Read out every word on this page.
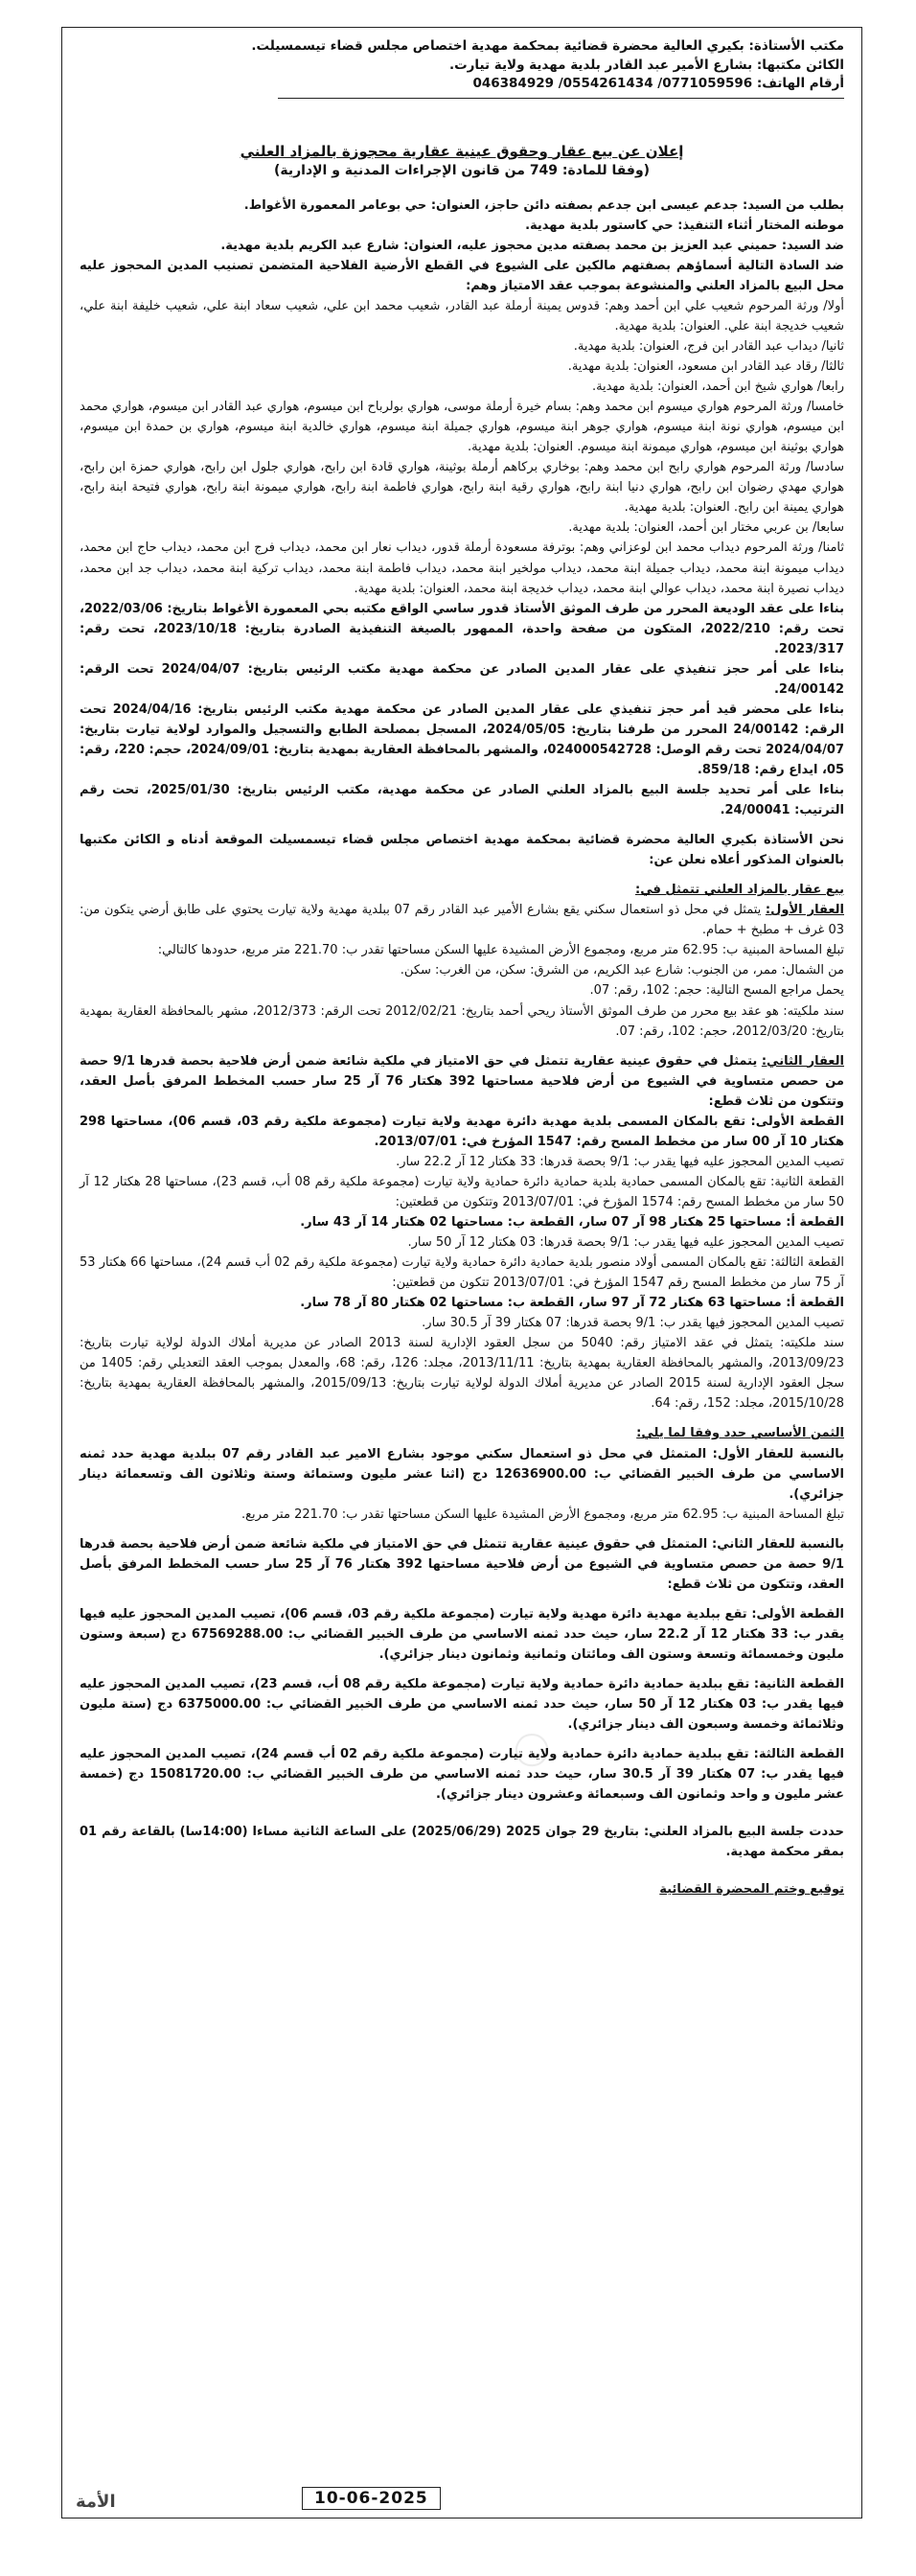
◯
مكتب الأستاذة: بكيري العالية محضرة قضائية بمحكمة مهدية اختصاص مجلس قضاء تيسمسيلت.
الكائن مكتبها: بشارع الأمير عبد القادر بلدية مهدية ولاية تيارت.
أرقام الهاتف: 0771059596/ 0554261434/ 046384929
إعلان عن بيع عقار وحقوق عينية عقارية محجوزة بالمزاد العلني
(وفقا للمادة: 749 من قانون الإجراءات المدنية و الإدارية)

بطلب من السيد: جدعم عيسى ابن جدعم بصفته دائن حاجز، العنوان: حي بوعامر المعمورة الأغواط.

موطنه المختار أثناء التنفيذ: حي كاستور بلدية مهدية.

ضد السيد: حميني عبد العزيز بن محمد بصفته مدين محجوز عليه، العنوان: شارع عبد الكريم بلدية مهدية.

ضد السادة التالية أسماؤهم بصفتهم مالكين على الشيوع في القطع الأرضية الفلاحية المتضمن تصنيب المدين المحجوز عليه محل البيع بالمزاد العلني والمنشوعة بموجب عقد الامتياز وهم:

أولا/ ورثة المرحوم شعيب علي ابن أحمد وهم: قدوس يمينة أرملة عبد القادر، شعيب محمد ابن علي، شعيب سعاد ابنة علي، شعيب خليفة ابنة علي، شعيب خديجة ابنة علي. العنوان: بلدية مهدية.

ثانيا/ ديداب عبد القادر ابن فرج، العنوان: بلدية مهدية.

ثالثا/ رقاد عبد القادر ابن مسعود، العنوان: بلدية مهدية.

رابعا/ هواري شيخ ابن أحمد، العنوان: بلدية مهدية.

خامسا/ ورثة المرحوم هواري ميسوم ابن محمد وهم: بسام خيرة أرملة موسى، هواري بولرباح ابن ميسوم، هواري عبد القادر ابن ميسوم، هواري محمد ابن ميسوم، هواري نونة ابنة ميسوم، هواري جوهر ابنة ميسوم، هواري جميلة ابنة ميسوم، هواري خالدية ابنة ميسوم، هواري بن حمدة ابن ميسوم، هواري بوثينة ابن ميسوم، هواري ميمونة ابنة ميسوم. العنوان: بلدية مهدية.

سادسا/ ورثة المرحوم هواري رابح ابن محمد وهم: بوخاري بركاهم أرملة بوثينة، هواري قادة ابن رابح، هواري جلول ابن رابح، هواري حمزة ابن رابح، هواري مهدي رضوان ابن رابح، هواري دنيا ابنة رابح، هواري رقية ابنة رابح، هواري فاطمة ابنة رابح، هواري ميمونة ابنة رابح، هواري فتيحة ابنة رابح، هواري يمينة ابن رابح. العنوان: بلدية مهدية.

سابعا/ بن عربي مختار ابن أحمد، العنوان: بلدية مهدية.

ثامنا/ ورثة المرحوم ديداب محمد ابن لوعزاني وهم: بوترفة مسعودة أرملة قدور، ديداب نعار ابن محمد، ديداب فرج ابن محمد، ديداب حاج ابن محمد، ديداب ميمونة ابنة محمد، ديداب جميلة ابنة محمد، ديداب مولخير ابنة محمد، ديداب فاطمة ابنة محمد، ديداب تركية ابنة محمد، ديداب جد ابن محمد، ديداب نصيرة ابنة محمد، ديداب عوالي ابنة محمد، ديداب خديجة ابنة محمد، العنوان: بلدية مهدية.

بناءا على عقد الوديعة المحرر من طرف الموثق الأستاذ قدور ساسي الواقع مكتبه بحي المعمورة الأغواط بتاريخ: 2022/03/06، تحت رقم: 2022/210، المتكون من صفحة واحدة، الممهور بالصيغة التنفيذية الصادرة بتاريخ: 2023/10/18، تحت رقم: 2023/317.

بناءا على أمر حجز تنفيذي على عقار المدين الصادر عن محكمة مهدية مكتب الرئيس بتاريخ: 2024/04/07 تحت الرقم: 24/00142.

بناءا على محضر قيد أمر حجز تنفيذي على عقار المدين الصادر عن محكمة مهدية مكتب الرئيس بتاريخ: 2024/04/16 تحت الرقم: 24/00142 المحرر من طرفنا بتاريخ: 2024/05/05، المسجل بمصلحة الطابع والتسجيل والموارد لولاية تيارت بتاريخ: 2024/04/07 تحت رقم الوصل: 024000542728، والمشهر بالمحافظة العقارية بمهدية بتاريخ: 2024/09/01، حجم: 220، رقم: 05، ايداع رقم: 859/18.

بناءا على أمر تحديد جلسة البيع بالمزاد العلني الصادر عن محكمة مهدية، مكتب الرئيس بتاريخ: 2025/01/30، تحت رقم الترتيب: 24/00041.

نحن الأستاذة بكيري العالية محضرة قضائية بمحكمة مهدية اختصاص مجلس قضاء تيسمسيلت الموقعة أدناه و الكائن مكتبها بالعنوان المذكور أعلاه نعلن عن:

بيع عقار بالمزاد العلني تتمثل في:

العقار الأول: يتمثل في محل ذو استعمال سكني يقع بشارع الأمير عبد القادر رقم 07 ببلدية مهدية ولاية تيارت يحتوي على طابق أرضي يتكون من: 03 غرف + مطبخ + حمام.

تبلغ المساحة المبنية ب: 62.95 متر مربع، ومجموع الأرض المشيدة عليها السكن مساحتها تقدر ب: 221.70 متر مربع، حدودها كالتالي:

من الشمال: ممر، من الجنوب: شارع عبد الكريم، من الشرق: سكن، من الغرب: سكن.

يحمل مراجع المسح التالية: حجم: 102، رقم: 07.

سند ملكيته: هو عقد بيع محرر من طرف الموثق الأستاذ ريحي أحمد بتاريخ: 2012/02/21 تحت الرقم: 2012/373، مشهر بالمحافظة العقارية بمهدية بتاريخ: 2012/03/20، حجم: 102، رقم: 07.

العقار الثاني: يتمثل في حقوق عينية عقارية تتمثل في حق الامتياز في ملكية شائعة ضمن أرض فلاحية بحصة قدرها 9/1 حصة من حصص متساوية في الشيوع من أرض فلاحية مساحتها 392 هكتار 76 آر 25 سار حسب المخطط المرفق بأصل العقد، وتتكون من ثلاث قطع:

القطعة الأولى: تقع بالمكان المسمى بلدية مهدية دائرة مهدية ولاية تيارت (مجموعة ملكية رقم 03، قسم 06)، مساحتها 298 هكتار 10 آر 00 سار من مخطط المسح رقم: 1547 المؤرخ في: 2013/07/01.

تصيب المدين المحجوز عليه فيها يقدر ب: 9/1 بحصة قدرها: 33 هكتار 12 آر 22.2 سار.

القطعة الثانية: تقع بالمكان المسمى حمادية بلدية حمادية دائرة حمادية ولاية تيارت (مجموعة ملكية رقم 08 أب، قسم 23)، مساحتها 28 هكتار 12 آر 50 سار من مخطط المسح رقم: 1574 المؤرخ في: 2013/07/01 وتتكون من قطعتين:

القطعة أ: مساحتها 25 هكتار 98 آر 07 سار، القطعة ب: مساحتها 02 هكتار 14 آر 43 سار.

تصيب المدين المحجوز عليه فيها يقدر ب: 9/1 بحصة قدرها: 03 هكتار 12 آر 50 سار.

القطعة الثالثة: تقع بالمكان المسمى أولاد منصور بلدية حمادية دائرة حمادية ولاية تيارت (مجموعة ملكية رقم 02 أب قسم 24)، مساحتها 66 هكتار 53 آر 75 سار من مخطط المسح رقم 1547 المؤرخ في: 2013/07/01 تتكون من قطعتين:

القطعة أ: مساحتها 63 هكتار 72 آر 97 سار، القطعة ب: مساحتها 02 هكتار 80 آر 78 سار.

تصيب المدين المحجوز فيها يقدر ب: 9/1 بحصة قدرها: 07 هكتار 39 آر 30.5 سار.

سند ملكيته: يتمثل في عقد الامتياز رقم: 5040 من سجل العقود الإدارية لسنة 2013 الصادر عن مديرية أملاك الدولة لولاية تيارت بتاريخ: 2013/09/23، والمشهر بالمحافظة العقارية بمهدية بتاريخ: 2013/11/11، مجلد: 126، رقم: 68، والمعدل بموجب العقد التعديلي رقم: 1405 من سجل العقود الإدارية لسنة 2015 الصادر عن مديرية أملاك الدولة لولاية تيارت بتاريخ: 2015/09/13، والمشهر بالمحافظة العقارية بمهدية بتاريخ: 2015/10/28، مجلد: 152، رقم: 64.

الثمن الأساسي حدد وفقا لما يلي:

بالنسبة للعقار الأول: المتمثل في محل ذو استعمال سكني موجود بشارع الامير عبد القادر رقم 07 ببلدية مهدية حدد ثمنه الاساسي من طرف الخبير القضائي ب: 12636900.00 دج (اثنا عشر مليون وستمائة وستة وثلاثون الف وتسعمائة دينار جزائري).

تبلغ المساحة المبنية ب: 62.95 متر مربع، ومجموع الأرض المشيدة عليها السكن مساحتها تقدر ب: 221.70 متر مربع.

بالنسبة للعقار الثاني: المتمثل في حقوق عينية عقارية تتمثل في حق الامتياز في ملكية شائعة ضمن أرض فلاحية بحصة قدرها 9/1 حصة من حصص متساوية في الشيوع من أرض فلاحية مساحتها 392 هكتار 76 آر 25 سار حسب المخطط المرفق بأصل العقد، وتتكون من ثلاث قطع:

القطعة الأولى: تقع ببلدية مهدية دائرة مهدية ولاية تيارت (مجموعة ملكية رقم 03، قسم 06)، تصيب المدين المحجوز عليه فيها يقدر ب: 33 هكتار 12 آر 22.2 سار، حيث حدد ثمنه الاساسي من طرف الخبير القضائي ب: 67569288.00 دج (سبعة وستون مليون وخمسمائة وتسعة وستون الف ومائتان وثمانية وثمانون دينار جزائري).

القطعة الثانية: تقع ببلدية حمادية دائرة حمادية ولاية تيارت (مجموعة ملكية رقم 08 أب، قسم 23)، تصيب المدين المحجوز عليه فيها يقدر ب: 03 هكتار 12 آر 50 سار، حيث حدد ثمنه الاساسي من طرف الخبير القضائي ب: 6375000.00 دج (ستة مليون وثلاثمائة وخمسة وسبعون الف دينار جزائري).

القطعة الثالثة: تقع ببلدية حمادية دائرة حمادية ولاية تيارت (مجموعة ملكية رقم 02 أب قسم 24)، تصيب المدين المحجوز عليه فيها يقدر ب: 07 هكتار 39 آر 30.5 سار، حيث حدد ثمنه الاساسي من طرف الخبير القضائي ب: 15081720.00 دج (خمسة عشر مليون و واحد وثمانون الف وسبعمائة وعشرون دينار جزائري).

حددت جلسة البيع بالمزاد العلني: بتاريخ 29 جوان 2025 (2025/06/29) على الساعة الثانية مساءا (14:00سا) بالقاعة رقم 01 بمقر محكمة مهدية.

توقيع وختم المحضرة القضائية

الأمة	10-06-2025
